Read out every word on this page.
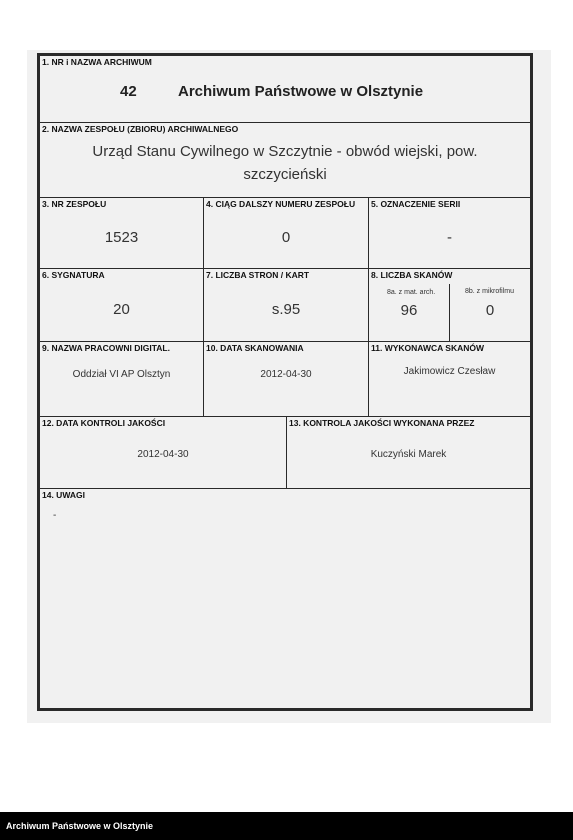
1. NR i NAZWA ARCHIWUM
42	Archiwum Państwowe w Olsztynie
2. NAZWA ZESPOŁU (ZBIORU) ARCHIWALNEGO
Urząd Stanu Cywilnego w Szczytnie - obwód wiejski, pow.
szczycieński
3. NR ZESPOŁU
1523
4. CIĄG DALSZY NUMERU ZESPOŁU
0
5. OZNACZENIE SERII
-
6. SYGNATURA
20
7. LICZBA STRON / KART
s.95
8. LICZBA SKANÓW
8a. z mat. arch.	8b. z mikrofilmu
96	0
9. NAZWA PRACOWNI DIGITAL.
Oddział VI AP Olsztyn
10. DATA SKANOWANIA
2012-04-30
11. WYKONAWCA SKANÓW
Jakimowicz Czesław
12. DATA KONTROLI JAKOŚCI
2012-04-30
13. KONTROLA JAKOŚCI WYKONANA PRZEZ
Kuczyński Marek
14. UWAGI
-
Archiwum Państwowe w Olsztynie
